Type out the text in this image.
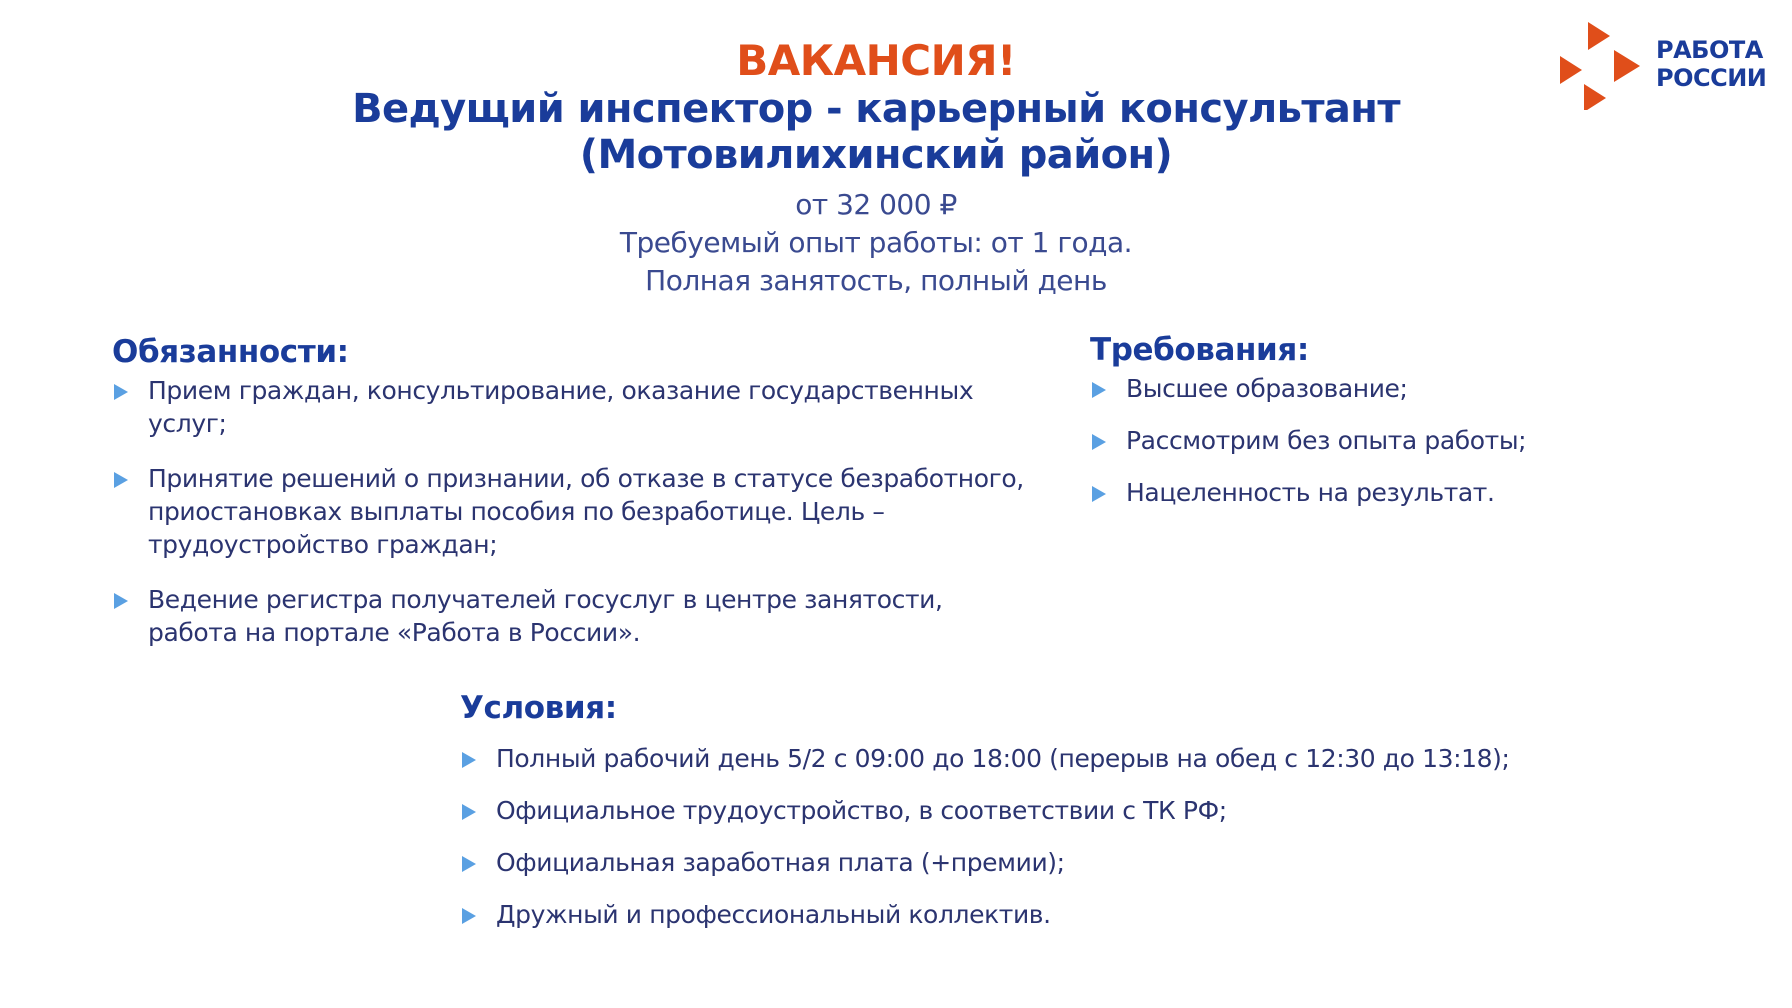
РАБОТА
РОССИИ
ВАКАНСИЯ!
Ведущий инспектор - карьерный консультант
(Мотовилихинский район)
от 32 000 ₽
Требуемый опыт работы: от 1 года.
Полная занятость, полный день
Обязанности:
Прием граждан, консультирование, оказание государственных услуг;
Принятие решений о признании, об отказе в статусе безработного, приостановках выплаты пособия по безработице. Цель – трудоустройство граждан;
Ведение регистра получателей госуслуг в центре занятости, работа на портале «Работа в России».
Требования:
Высшее образование;
Рассмотрим без опыта работы;
Нацеленность на результат.
Условия:
Полный рабочий день 5/2 с 09:00 до 18:00 (перерыв на обед с 12:30 до 13:18);
Официальное трудоустройство, в соответствии с ТК РФ;
Официальная заработная плата (+премии);
Дружный и профессиональный коллектив.
